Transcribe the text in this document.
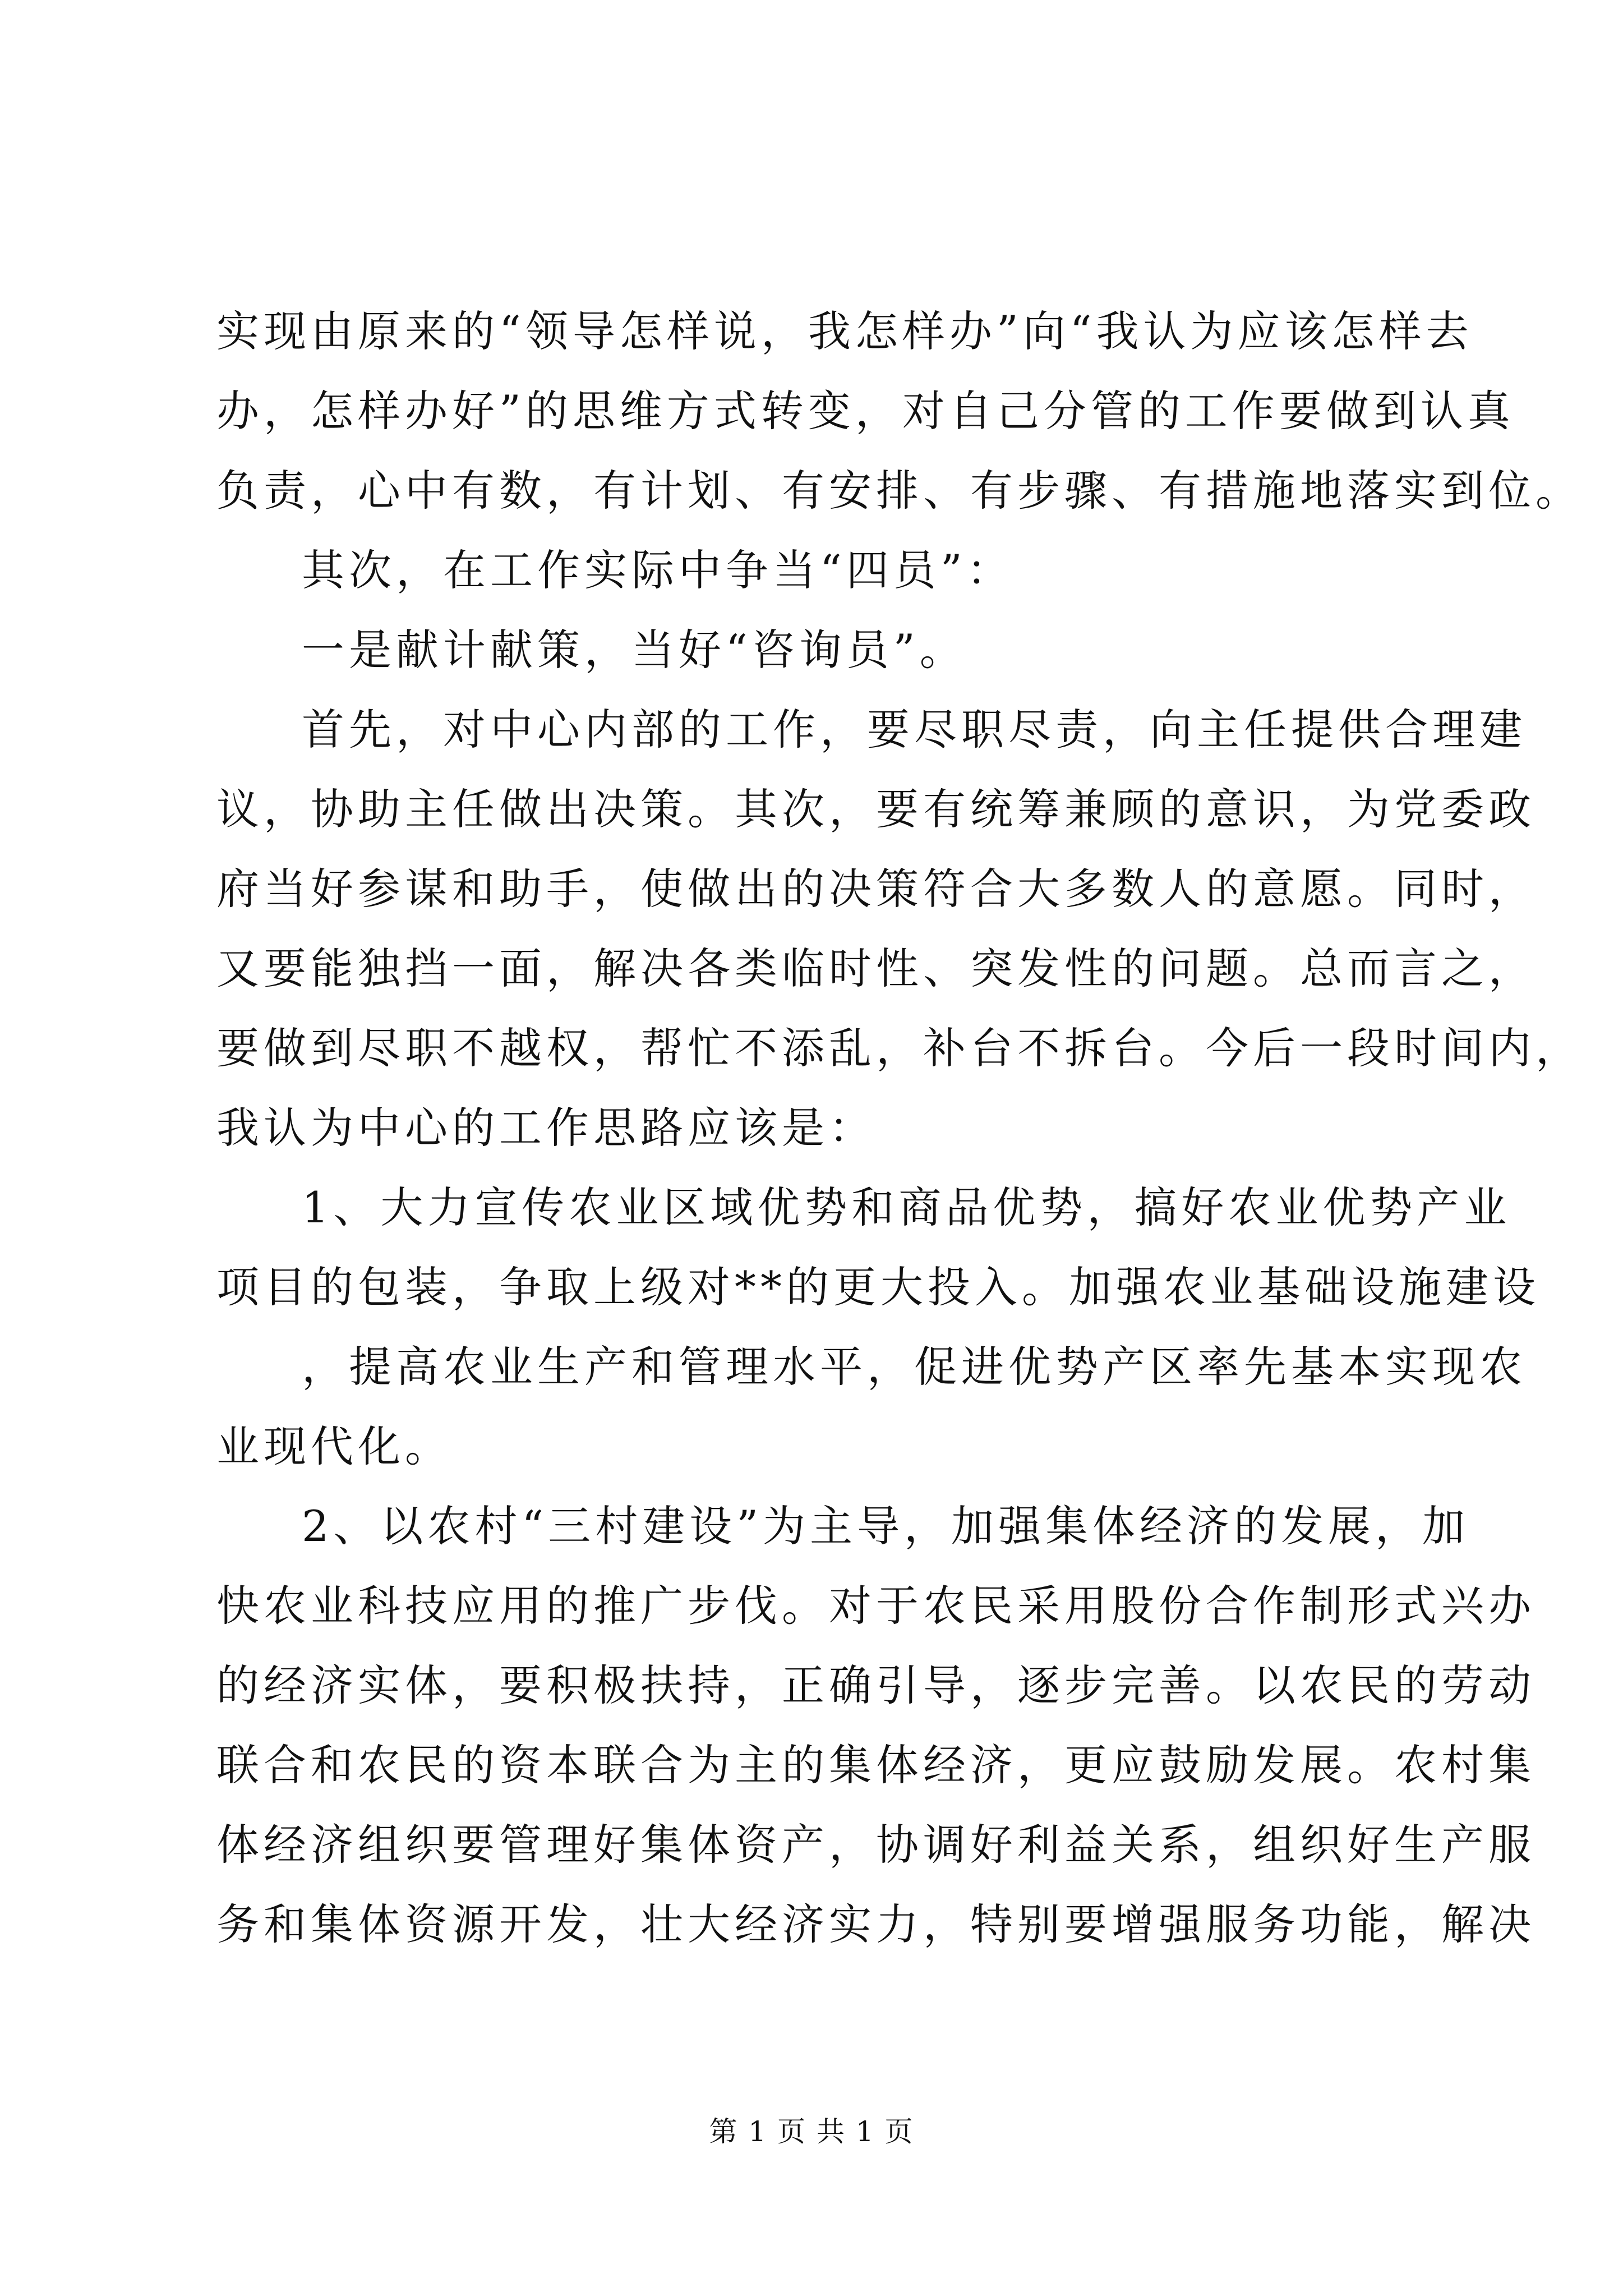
实现由原来的“领导怎样说，我怎样办”向“我认为应该怎样去
办，怎样办好”的思维方式转变，对自己分管的工作要做到认真
负责，心中有数，有计划、有安排、有步骤、有措施地落实到位。
其次，在工作实际中争当“四员”：
一是献计献策，当好“咨询员”。
首先，对中心内部的工作，要尽职尽责，向主任提供合理建
议，协助主任做出决策。其次，要有统筹兼顾的意识，为党委政
府当好参谋和助手，使做出的决策符合大多数人的意愿。同时，
又要能独挡一面，解决各类临时性、突发性的问题。总而言之，
要做到尽职不越权，帮忙不添乱，补台不拆台。今后一段时间内，
我认为中心的工作思路应该是：
1、大力宣传农业区域优势和商品优势，搞好农业优势产业
项目的包装，争取上级对**的更大投入。加强农业基础设施建设
，提高农业生产和管理水平，促进优势产区率先基本实现农
业现代化。
2、以农村“三村建设”为主导，加强集体经济的发展，加
快农业科技应用的推广步伐。对于农民采用股份合作制形式兴办
的经济实体，要积极扶持，正确引导，逐步完善。以农民的劳动
联合和农民的资本联合为主的集体经济，更应鼓励发展。农村集
体经济组织要管理好集体资产，协调好利益关系，组织好生产服
务和集体资源开发，壮大经济实力，特别要增强服务功能，解决
第 1 页 共 1 页
